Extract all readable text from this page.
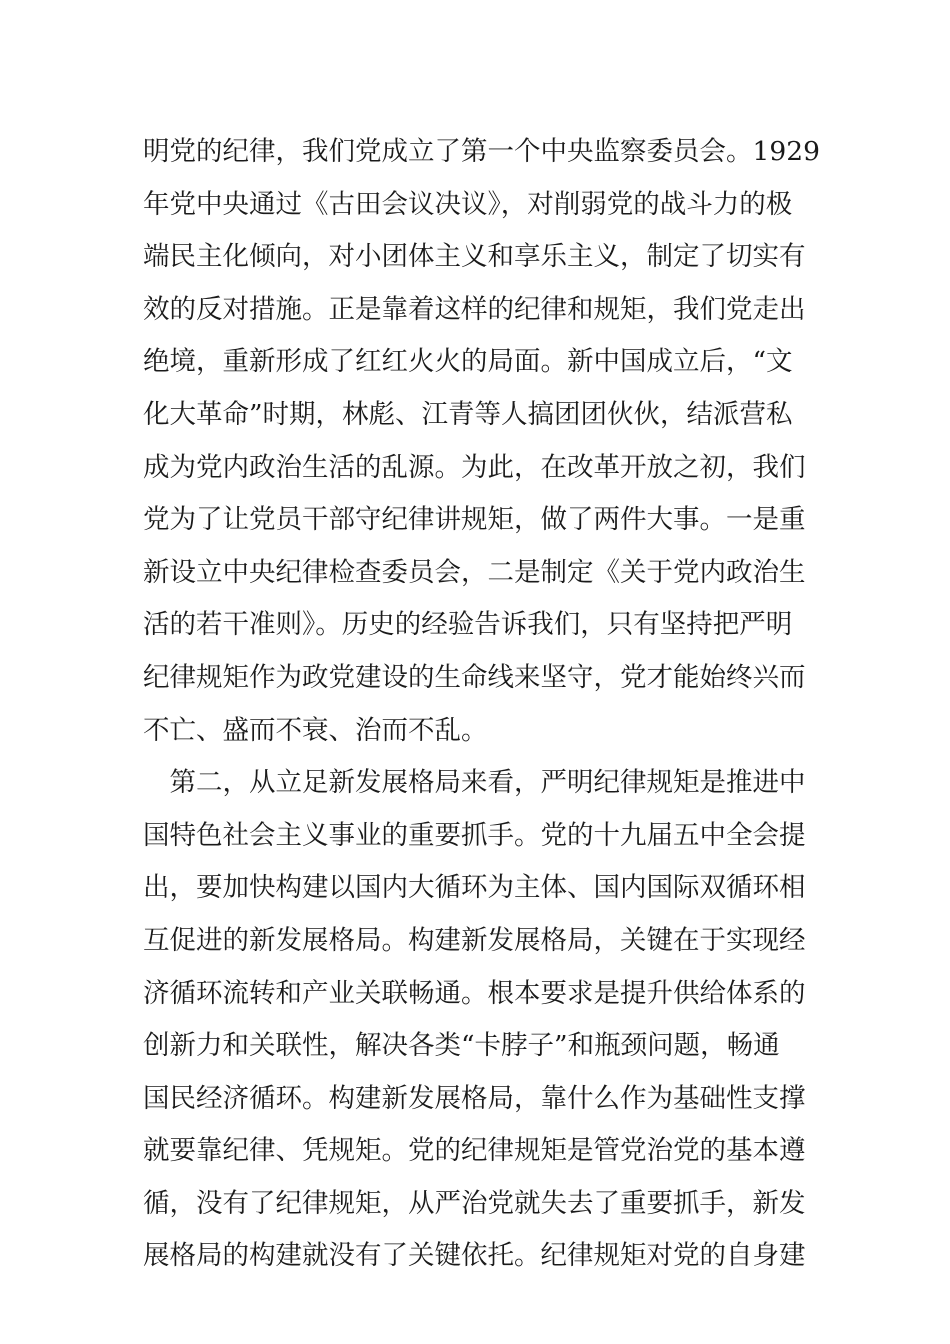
明党的纪律，我们党成立了第一个中央监察委员会。1929
年党中央通过《古田会议决议》，对削弱党的战斗力的极
端民主化倾向，对小团体主义和享乐主义，制定了切实有
效的反对措施。正是靠着这样的纪律和规矩，我们党走出
绝境，重新形成了红红火火的局面。新中国成立后，“文
化大革命”时期，林彪、江青等人搞团团伙伙，结派营私
成为党内政治生活的乱源。为此，在改革开放之初，我们
党为了让党员干部守纪律讲规矩，做了两件大事。一是重
新设立中央纪律检查委员会，二是制定《关于党内政治生
活的若干准则》。历史的经验告诉我们，只有坚持把严明
纪律规矩作为政党建设的生命线来坚守，党才能始终兴而
不亡、盛而不衰、治而不乱。
　第二，从立足新发展格局来看，严明纪律规矩是推进中
国特色社会主义事业的重要抓手。党的十九届五中全会提
出，要加快构建以国内大循环为主体、国内国际双循环相
互促进的新发展格局。构建新发展格局，关键在于实现经
济循环流转和产业关联畅通。根本要求是提升供给体系的
创新力和关联性，解决各类“卡脖子”和瓶颈问题，畅通
国民经济循环。构建新发展格局，靠什么作为基础性支撑
就要靠纪律、凭规矩。党的纪律规矩是管党治党的基本遵
循，没有了纪律规矩，从严治党就失去了重要抓手，新发
展格局的构建就没有了关键依托。纪律规矩对党的自身建
